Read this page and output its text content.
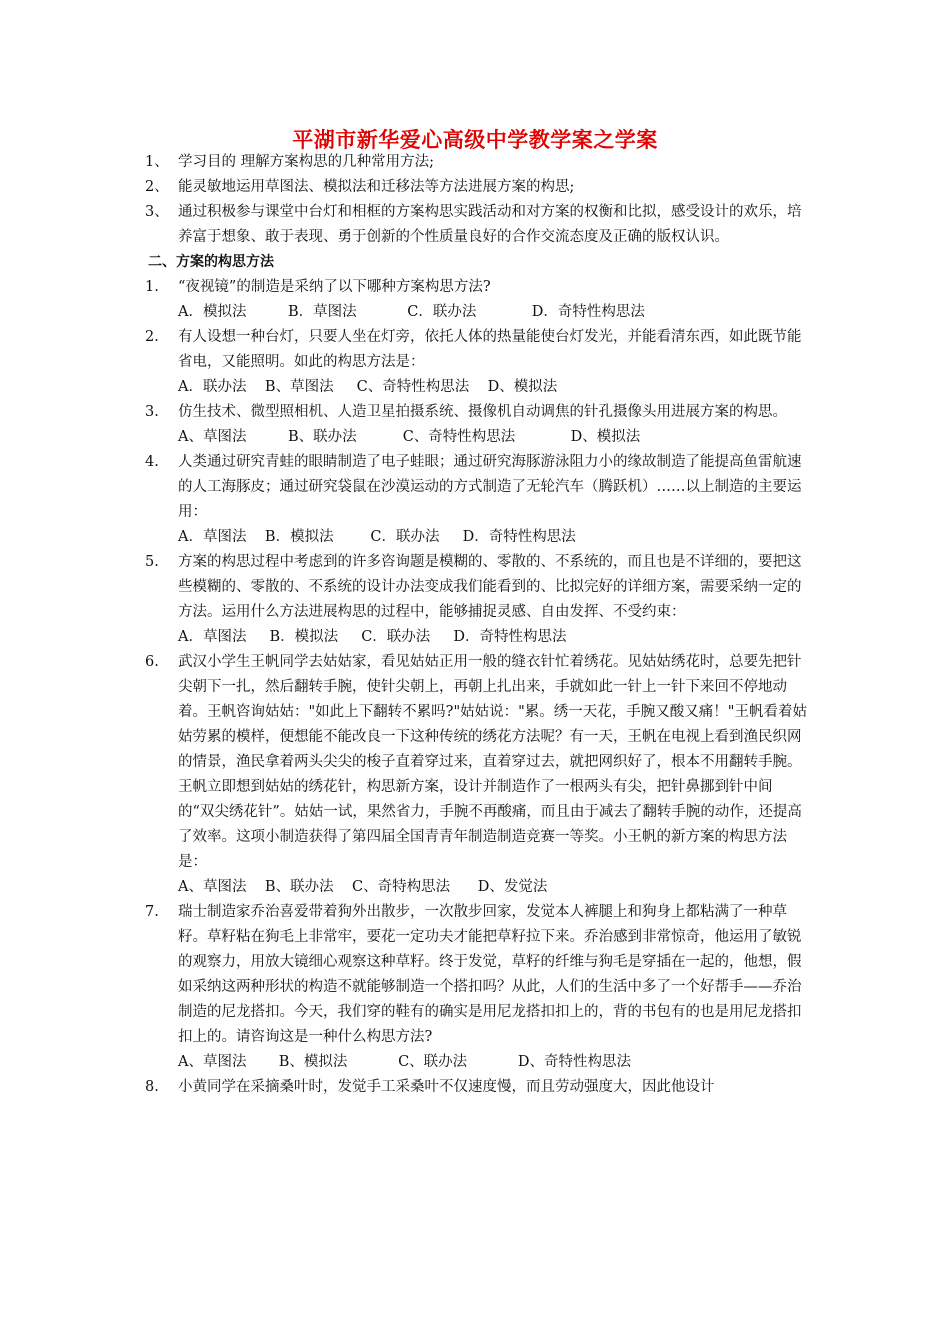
平湖市新华爱心高级中学教学案之学案
1、 学习目的 理解方案构思的几种常用方法;
2、 能灵敏地运用草图法、模拟法和迁移法等方法进展方案的构思;
3、 通过积极参与课堂中台灯和相框的方案构思实践活动和对方案的权衡和比拟，感受设计的欢乐，培养富于想象、敢于表现、勇于创新的个性质量良好的合作交流态度及正确的版权认识。
二、方案的构思方法
1. “夜视镜”的制造是采纳了以下哪种方案构思方法?
A．模拟法         B．草图法           C．联办法            D．奇特性构思法
2. 有人设想一种台灯，只要人坐在灯旁，依托人体的热量能使台灯发光，并能看清东西，如此既节能省电，又能照明。如此的构思方法是：
A．联办法    B、草图法     C、奇特性构思法    D、模拟法
3. 仿生技术、微型照相机、人造卫星拍摄系统、摄像机自动调焦的针孔摄像头用进展方案的构思。
A、草图法         B、联办法          C、奇特性构思法            D、模拟法
4. 人类通过研究青蛙的眼睛制造了电子蛙眼；通过研究海豚游泳阻力小的缘故制造了能提高鱼雷航速的人工海豚皮；通过研究袋鼠在沙漠运动的方式制造了无轮汽车（腾跃机）……以上制造的主要运用：
A．草图法    B．模拟法        C．联办法     D．奇特性构思法
5. 方案的构思过程中考虑到的许多咨询题是模糊的、零散的、不系统的，而且也是不详细的，要把这些模糊的、零散的、不系统的设计办法变成我们能看到的、比拟完好的详细方案，需要采纳一定的方法。运用什么方法进展构思的过程中，能够捕捉灵感、自由发挥、不受约束：
A．草图法     B．模拟法     C．联办法     D．奇特性构思法
6. 武汉小学生王帆同学去姑姑家，看见姑姑正用一般的缝衣针忙着绣花。见姑姑绣花时，总要先把针尖朝下一扎，然后翻转手腕，使针尖朝上，再朝上扎出来，手就如此一针上一针下来回不停地动着。王帆咨询姑姑："如此上下翻转不累吗?"姑姑说："累。绣一天花，手腕又酸又痛！"王帆看着姑姑劳累的模样，便想能不能改良一下这种传统的绣花方法呢？有一天，王帆在电视上看到渔民织网的情景，渔民拿着两头尖尖的梭子直着穿过来，直着穿过去，就把网织好了，根本不用翻转手腕。王帆立即想到姑姑的绣花针，构思新方案，设计并制造作了一根两头有尖，把针鼻挪到针中间的“双尖绣花针”。姑姑一试，果然省力，手腕不再酸痛，而且由于减去了翻转手腕的动作，还提高了效率。这项小制造获得了第四届全国青青年制造制造竞赛一等奖。小王帆的新方案的构思方法是：
A、草图法    B、联办法    C、奇特构思法      D、发觉法
7. 瑞士制造家乔治喜爱带着狗外出散步，一次散步回家，发觉本人裤腿上和狗身上都粘满了一种草籽。草籽粘在狗毛上非常牢，要花一定功夫才能把草籽拉下来。乔治感到非常惊奇，他运用了敏锐的观察力，用放大镜细心观察这种草籽。终于发觉，草籽的纤维与狗毛是穿插在一起的，他想，假如采纳这两种形状的构造不就能够制造一个搭扣吗？从此，人们的生活中多了一个好帮手——乔治制造的尼龙搭扣。今天，我们穿的鞋有的确实是用尼龙搭扣扣上的，背的书包有的也是用尼龙搭扣扣上的。请咨询这是一种什么构思方法?
A、草图法       B、模拟法           C、联办法           D、奇特性构思法
8. 小黄同学在采摘桑叶时，发觉手工采桑叶不仅速度慢，而且劳动强度大，因此他设计
